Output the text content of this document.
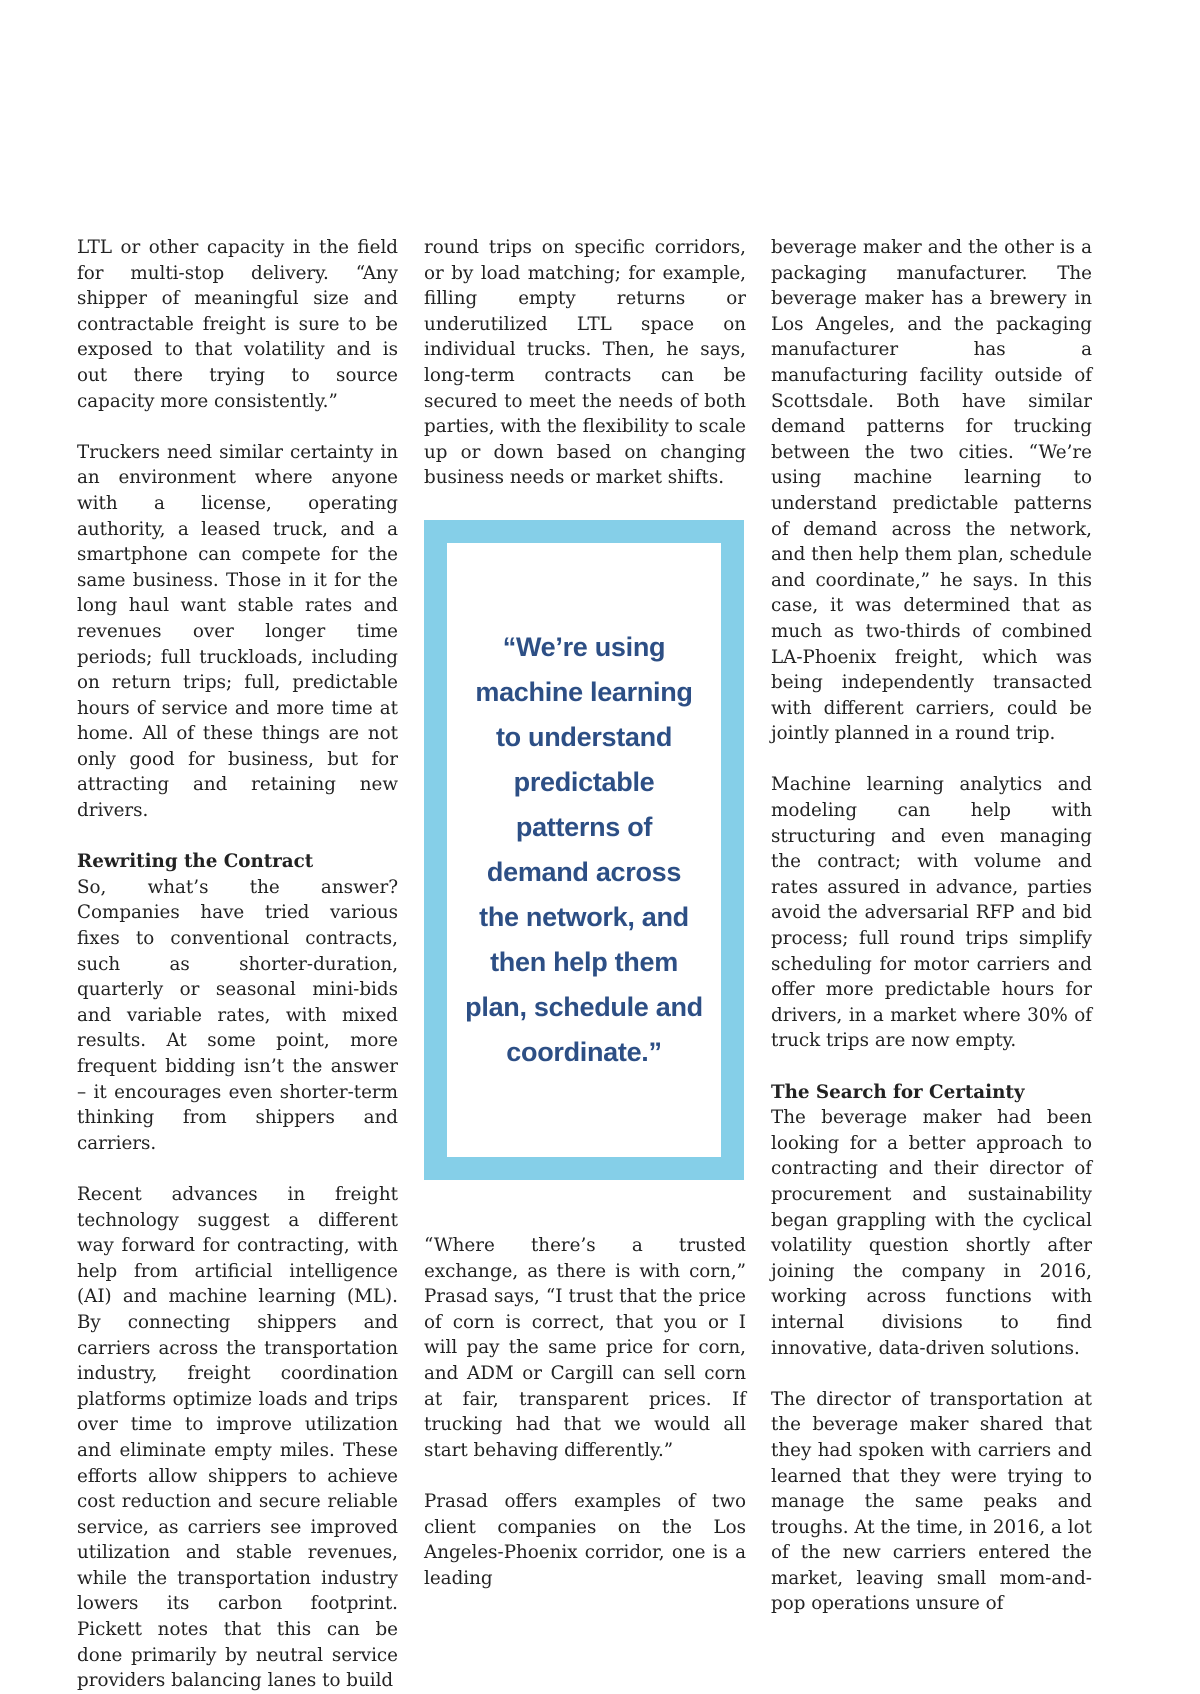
LTL or other capacity in the field for multi-stop delivery. “Any shipper of meaningful size and contractable freight is sure to be exposed to that volatility and is out there trying to source capacity more consistently.”

Truckers need similar certainty in an environment where anyone with a license, operating authority, a leased truck, and a smartphone can compete for the same business. Those in it for the long haul want stable rates and revenues over longer time periods; full truckloads, including on return trips; full, predictable hours of service and more time at home. All of these things are not only good for business, but for attracting and retaining new drivers.

Rewriting the Contract

So, what’s the answer? Companies have tried various fixes to conventional contracts, such as shorter-duration, quarterly or seasonal mini-bids and variable rates, with mixed results. At some point, more frequent bidding isn’t the answer – it encourages even shorter-term thinking from shippers and carriers.

Recent advances in freight technology suggest a different way forward for contracting, with help from artificial intelligence (AI) and machine learning (ML). By connecting shippers and carriers across the transportation industry, freight coordination platforms optimize loads and trips over time to improve utilization and eliminate empty miles. These efforts allow shippers to achieve cost reduction and secure reliable service, as carriers see improved utilization and stable revenues, while the transportation industry lowers its carbon footprint. Pickett notes that this can be done primarily by neutral service providers balancing lanes to build

round trips on specific corridors, or by load matching; for example, filling empty returns or underutilized LTL space on individual trucks. Then, he says, long-term contracts can be secured to meet the needs of both parties, with the flexibility to scale up or down based on changing business needs or market shifts.

“We’re using machine learning to understand predictable patterns of demand across the network, and then help them plan, schedule and coordinate.”

“Where there’s a trusted exchange, as there is with corn,” Prasad says, “I trust that the price of corn is correct, that you or I will pay the same price for corn, and ADM or Cargill can sell corn at fair, transparent prices. If trucking had that we would all start behaving differently.”

Prasad offers examples of two client companies on the Los Angeles-Phoenix corridor, one is a leading

beverage maker and the other is a packaging manufacturer. The beverage maker has a brewery in Los Angeles, and the packaging manufacturer has a manufacturing facility outside of Scottsdale. Both have similar demand patterns for trucking between the two cities. “We’re using machine learning to understand predictable patterns of demand across the network, and then help them plan, schedule and coordinate,” he says. In this case, it was determined that as much as two-thirds of combined LA-Phoenix freight, which was being independently transacted with different carriers, could be jointly planned in a round trip.

Machine learning analytics and modeling can help with structuring and even managing the contract; with volume and rates assured in advance, parties avoid the adversarial RFP and bid process; full round trips simplify scheduling for motor carriers and offer more predictable hours for drivers, in a market where 30% of truck trips are now empty.

The Search for Certainty

The beverage maker had been looking for a better approach to contracting and their director of procurement and sustainability began grappling with the cyclical volatility question shortly after joining the company in 2016, working across functions with internal divisions to find innovative, data-driven solutions.

The director of transportation at the beverage maker shared that they had spoken with carriers and learned that they were trying to manage the same peaks and troughs. At the time, in 2016, a lot of the new carriers entered the market, leaving small mom-and-pop operations unsure of
